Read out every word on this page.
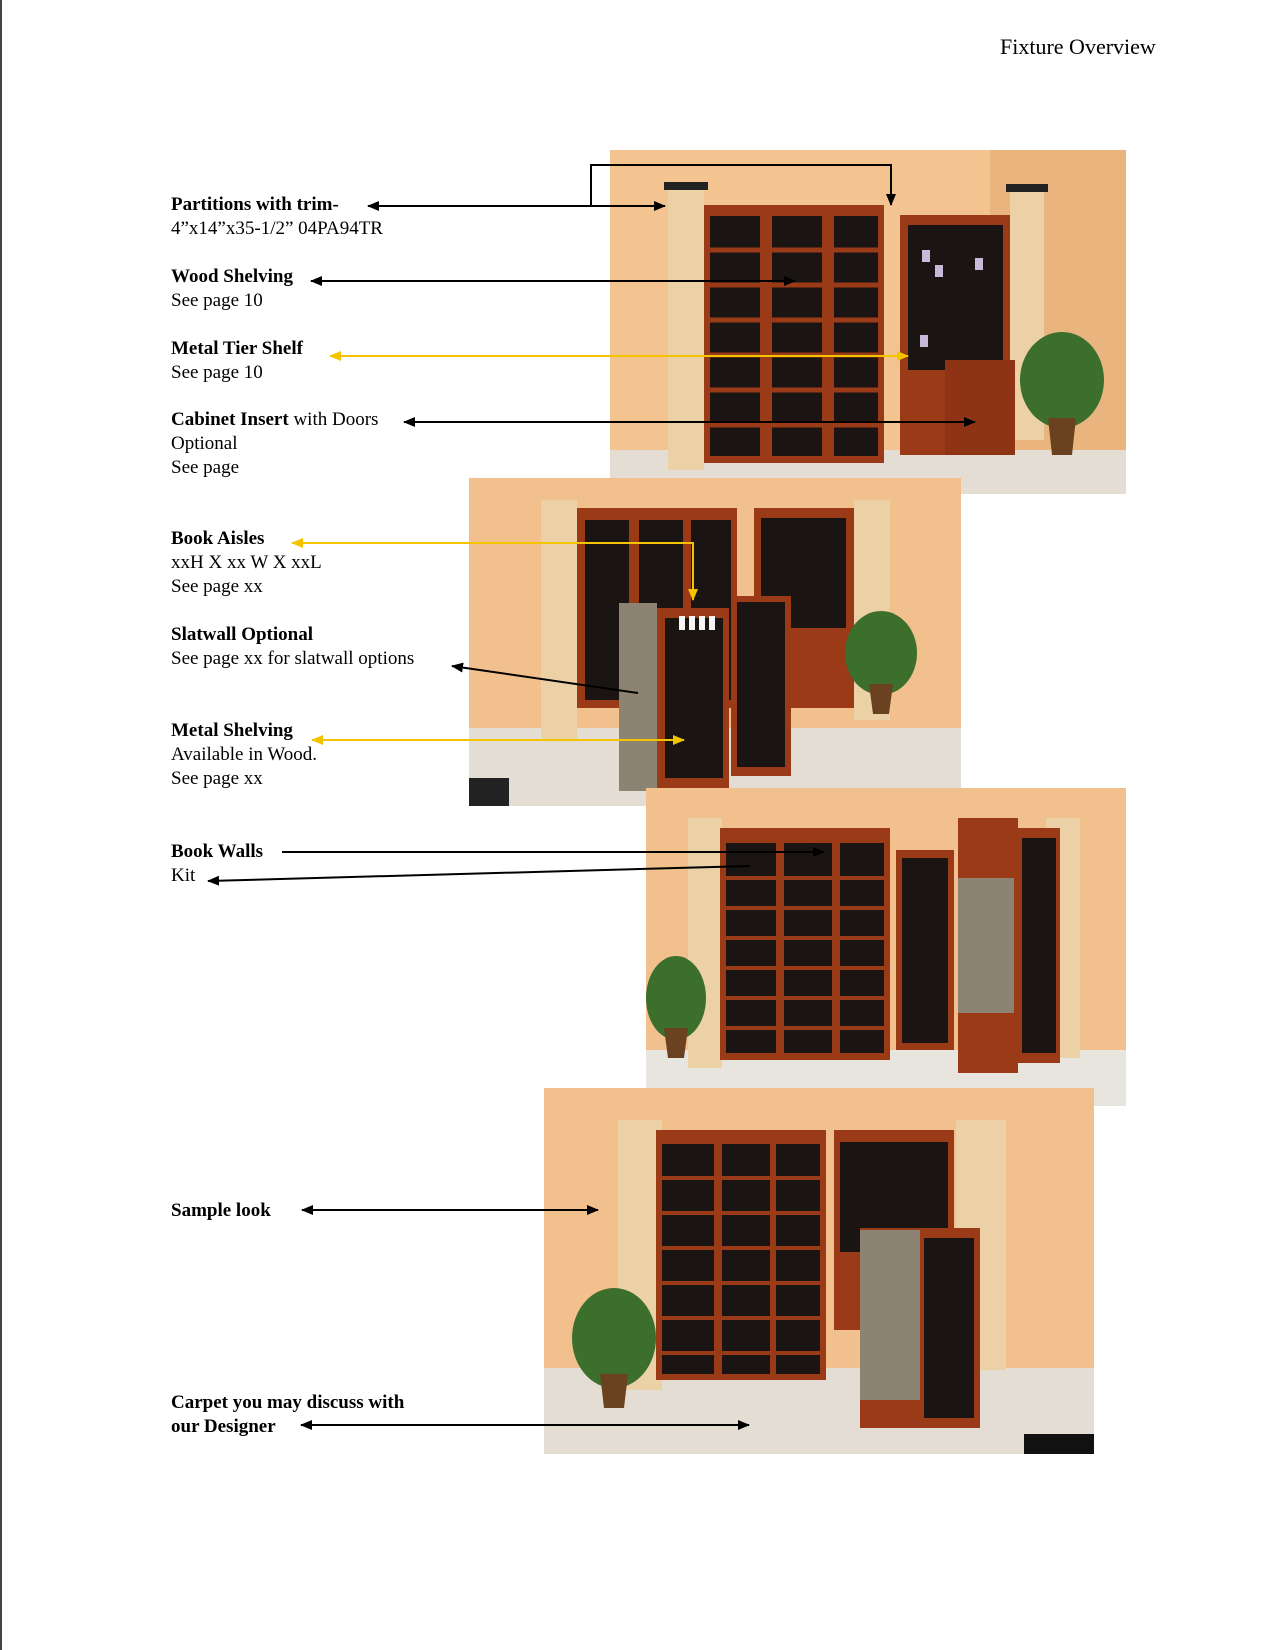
Fixture Overview
Partitions with trim-
4”x14”x35-1/2” 04PA94TR
Wood Shelving
See page 10
Metal Tier Shelf
See page 10
Cabinet Insert with Doors
Optional
See page
Book Aisles
xxH X xx W X xxL
See page xx
Slatwall Optional
See page xx for slatwall options
Metal Shelving
Available in Wood.
See page xx
Book Walls
Kit
Sample look
Carpet you may discuss with
our Designer
